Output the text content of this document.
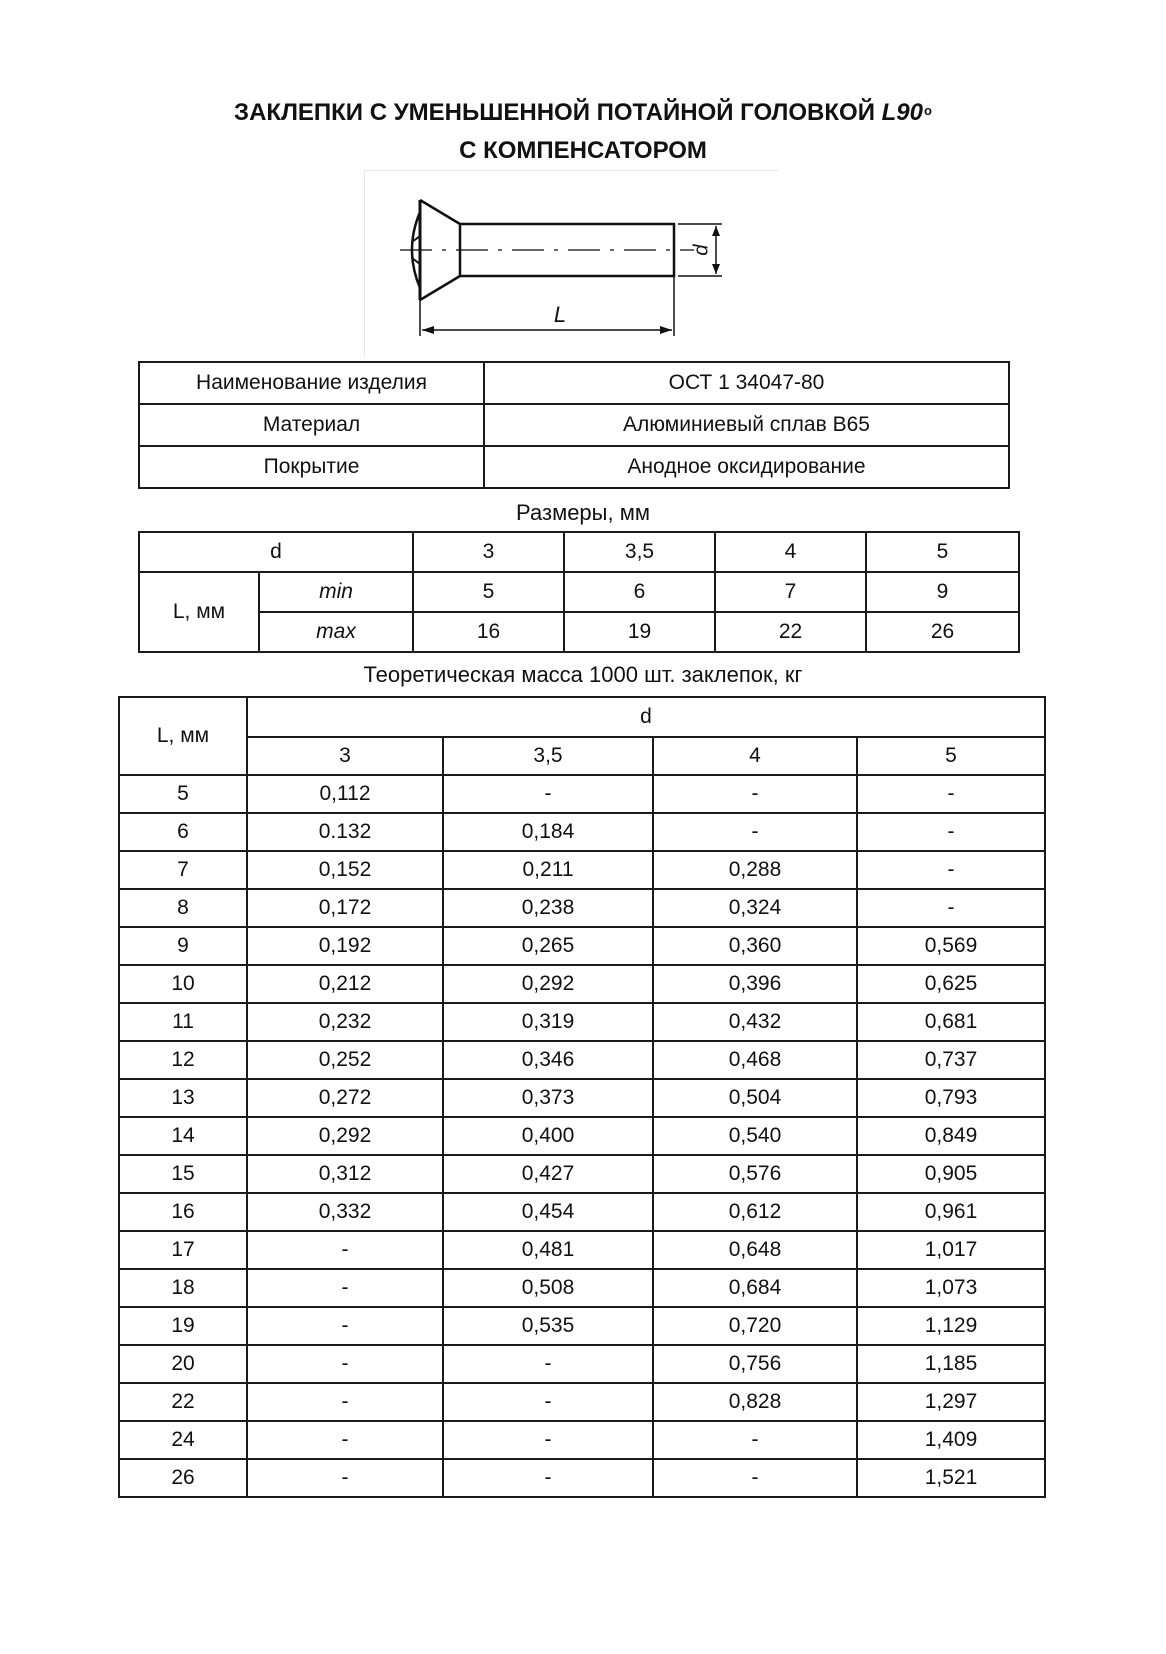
ЗАКЛЕПКИ С УМЕНЬШЕННОЙ ПОТАЙНОЙ ГОЛОВКОЙ L90$^o$
С КОМПЕНСАТОРОМ
d
L
Наименование изделия	ОСТ 1 34047-80
Материал	Алюминиевый сплав В65
Покрытие	Анодное оксидирование
Размеры, мм
d		3	3,5	4	5
L, мм	min	5	6	7	9
	max	16	19	22	26
Теоретическая масса 1000 шт. заклепок, кг
L, мм	d			
	3	3,5	4	5
5	0,112	-	-	-
6	0.132	0,184	-	-
7	0,152	0,211	0,288	-
8	0,172	0,238	0,324	-
9	0,192	0,265	0,360	0,569
10	0,212	0,292	0,396	0,625
11	0,232	0,319	0,432	0,681
12	0,252	0,346	0,468	0,737
13	0,272	0,373	0,504	0,793
14	0,292	0,400	0,540	0,849
15	0,312	0,427	0,576	0,905
16	0,332	0,454	0,612	0,961
17	-	0,481	0,648	1,017
18	-	0,508	0,684	1,073
19	-	0,535	0,720	1,129
20	-	-	0,756	1,185
22	-	-	0,828	1,297
24	-	-	-	1,409
26	-	-	-	1,521
